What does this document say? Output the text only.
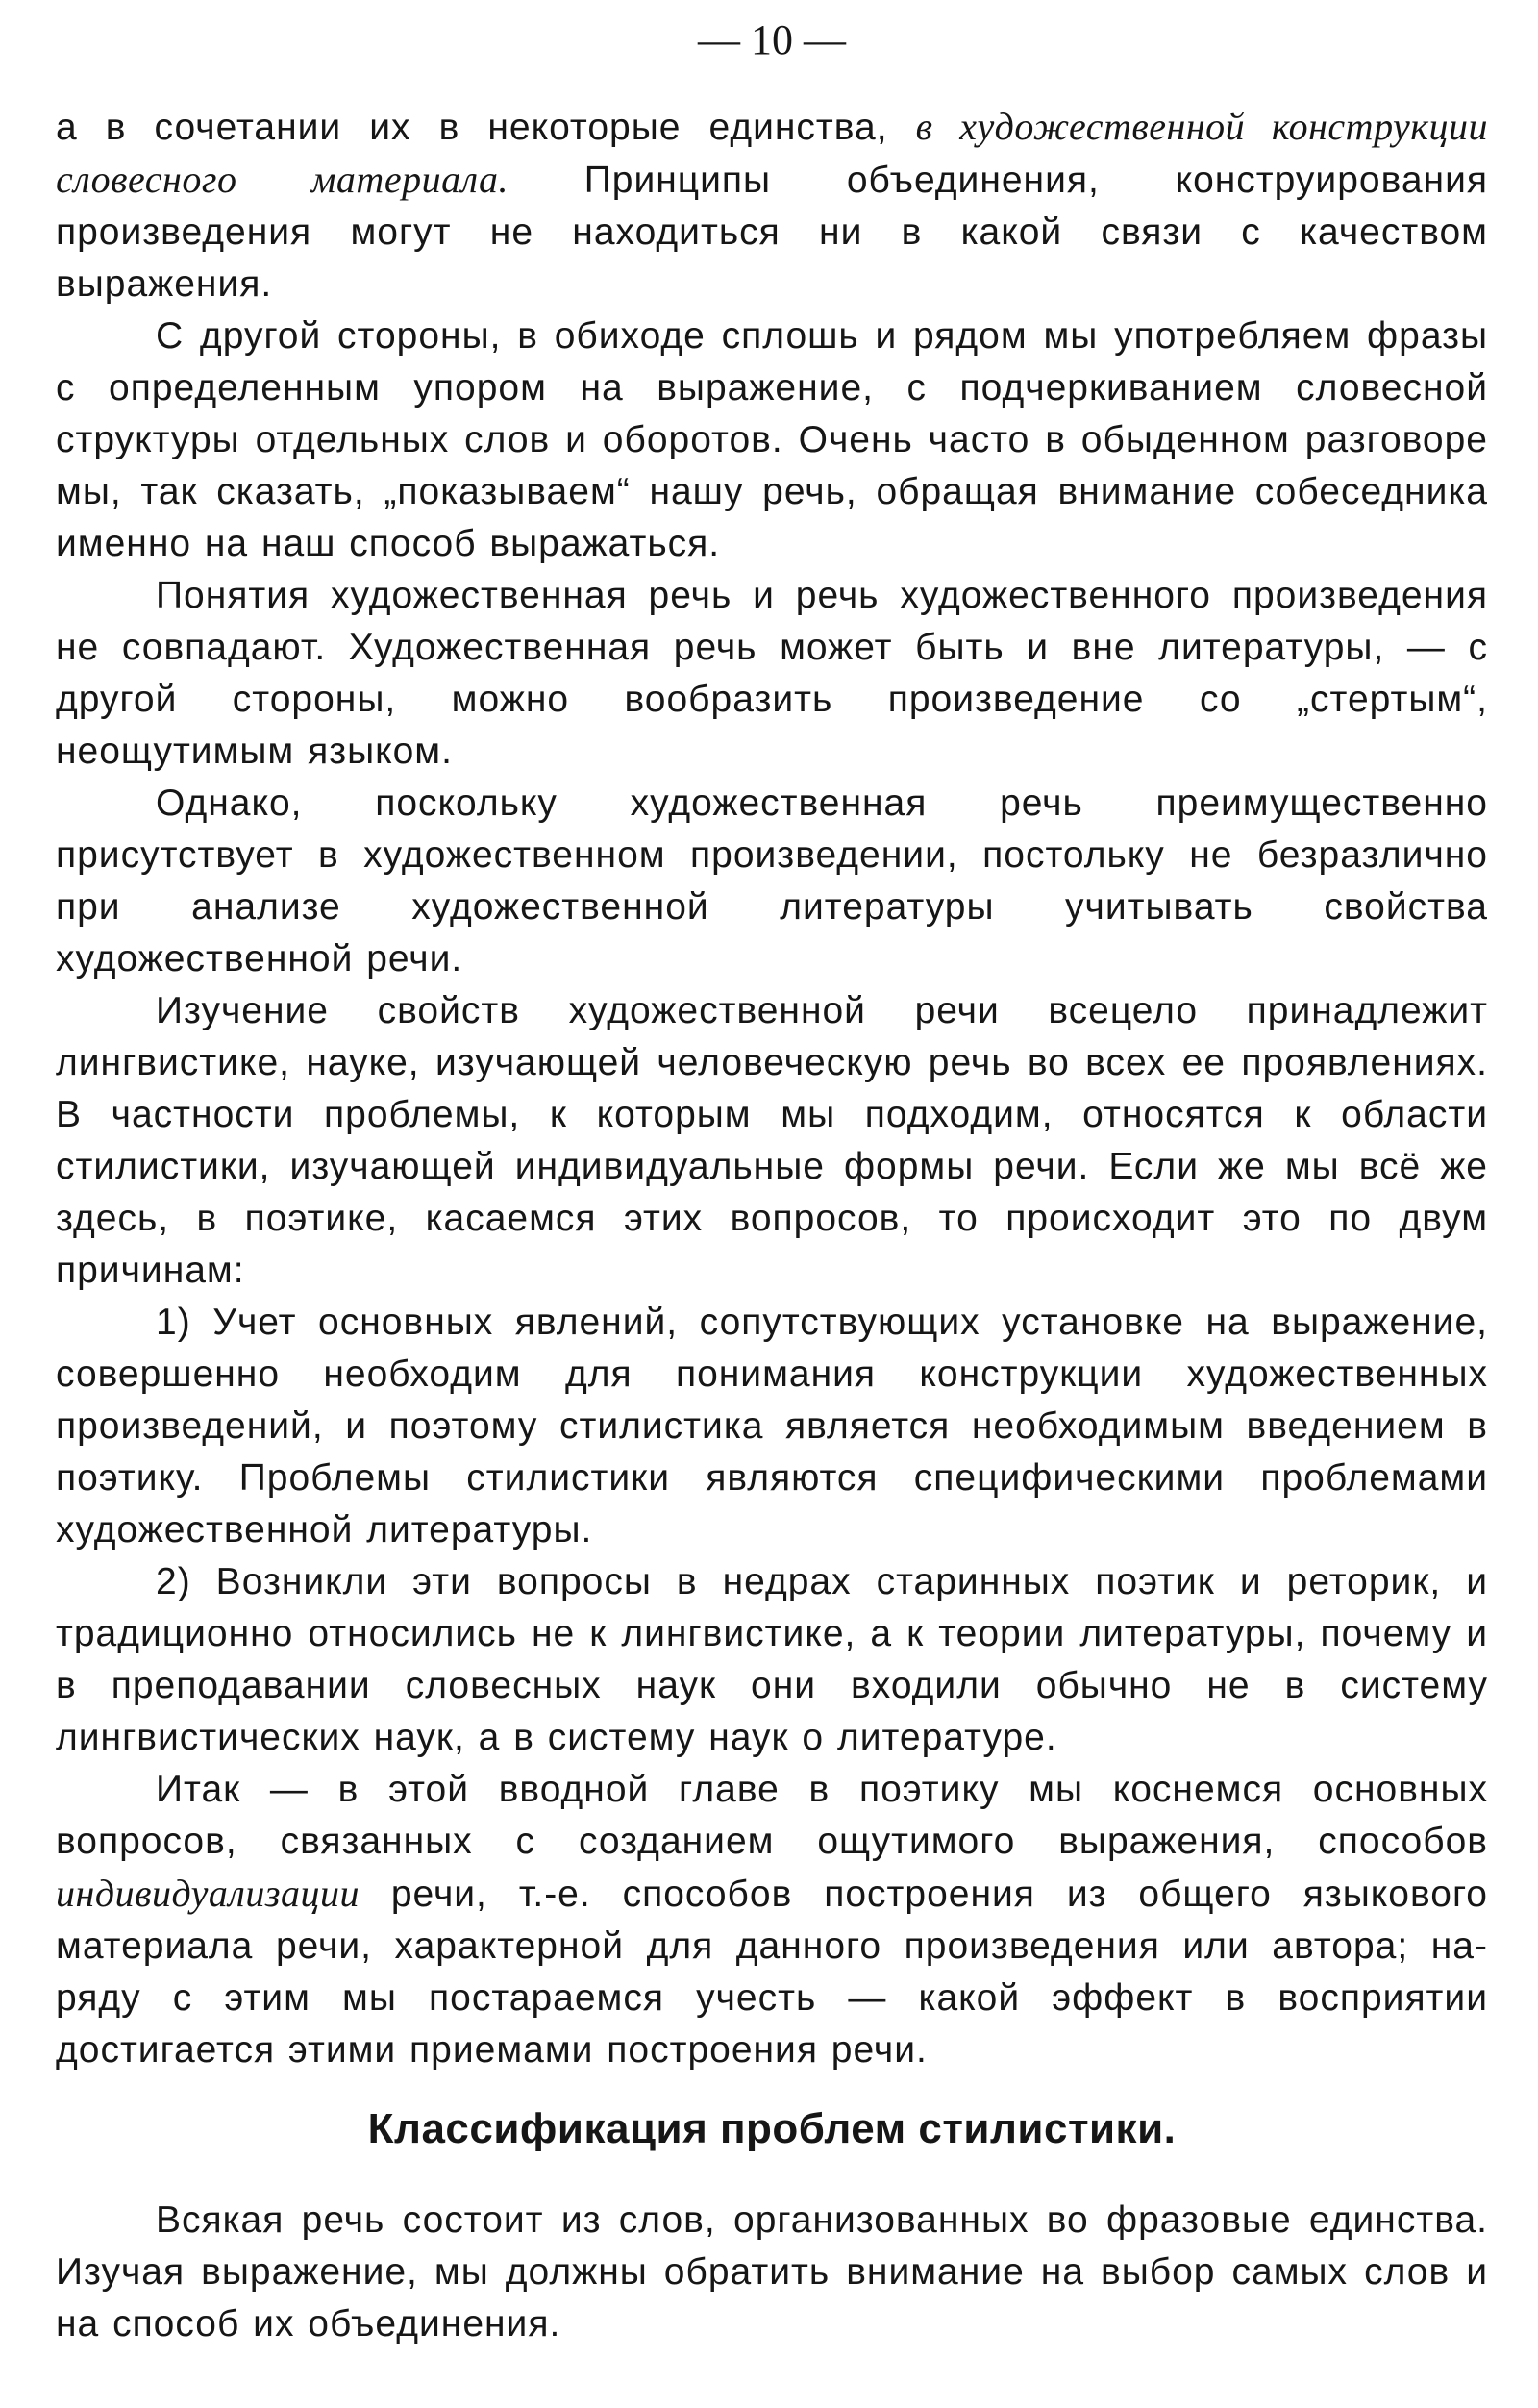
— 10 —

а в сочетании их в некоторые единства, в художественной конструкции словесного материала. Принципы объединения, конструирования произведения могут не находиться ни в какой связи с качеством выражения.

С другой стороны, в обиходе сплошь и рядом мы употребляем фразы с определенным упором на выражение, с подчеркиванием словесной структуры отдельных слов и оборотов. Очень часто в обыденном разговоре мы, так сказать, „показываем“ нашу речь, обращая внимание собеседника именно на наш способ выражаться.

Понятия художественная речь и речь художественного произведения не совпадают. Художественная речь может быть и вне литературы, — с другой стороны, можно вообразить произведение со „стертым“, неощутимым языком.

Однако, поскольку художественная речь преимущественно присутствует в художественном произведении, постольку не безразлично при анализе художественной литературы учитывать свойства художественной речи.

Изучение свойств художественной речи всецело принадлежит лингвистике, науке, изучающей человеческую речь во всех ее проявлениях. В частности проблемы, к которым мы подходим, относятся к области стилистики, изучающей индивидуальные формы речи. Если же мы всё же здесь, в поэтике, касаемся этих вопросов, то происходит это по двум причинам:

1) Учет основных явлений, сопутствующих установке на выражение, совершенно необходим для понимания конструкции художественных произведений, и поэтому стилистика является необходимым введением в поэтику. Проблемы стилистики являются специфическими проблемами художественной литературы.

2) Возникли эти вопросы в недрах старинных поэтик и реторик, и традиционно относились не к лингвистике, а к теории литературы, почему и в преподавании словесных наук они входили обычно не в систему лингвистических наук, а в систему наук о литературе.

Итак — в этой вводной главе в поэтику мы коснемся основных вопросов, связанных с созданием ощутимого выражения, способов индивидуализации речи, т.-е. способов построения из общего языкового материала речи, характерной для данного произведения или автора; на-ряду с этим мы постараемся учесть — какой эффект в восприятии достигается этими приемами построения речи.

Классификация проблем стилистики.

Всякая речь состоит из слов, организованных во фразовые единства. Изучая выражение, мы должны обратить внимание на выбор самых слов и на способ их объединения.
